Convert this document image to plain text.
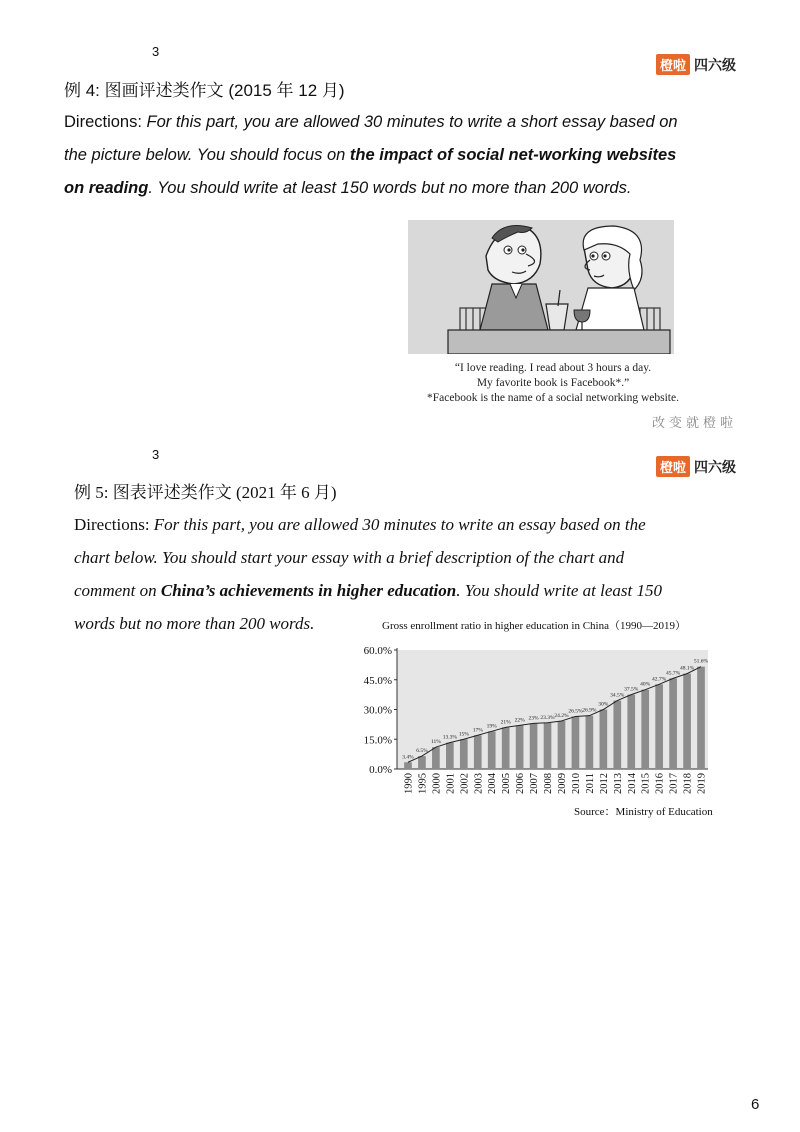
3
橙啦 四六级
例 4: 图画评述类作文 (2015 年 12 月)
Directions: For this part, you are allowed 30 minutes to write a short essay based on
the picture below. You should focus on the impact of social net-working websites
on reading. You should write at least 150 words but no more than 200 words.
“I love reading. I read about 3 hours a day.
My favorite book is Facebook*.”
*Facebook is the name of a social networking website.
改变就橙啦
3
橙啦 四六级
例 5: 图表评述类作文 (2021 年 6 月)
Directions: For this part, you are allowed 30 minutes to write an essay based on the
chart below. You should start your essay with a brief description of the chart and
comment on China’s achievements in higher education. You should write at least 150
words but no more than 200 words.	Gross enrollment ratio in higher education in China（1990—2019）
0.0%
15.0%
30.0%
45.0%
60.0%
3.4%
1990
6.5%
1995
11%
2000
13.3%
2001
15%
2002
17%
2003
19%
2004
21%
2005
22%
2006
23%
2007
23.3%
2008
24.2%
2009
26.5%
2010
26.9%
2011
30%
2012
34.5%
2013
37.5%
2014
40%
2015
42.7%
2016
45.7%
2017
48.1%
2018
51.6%
2019
Source：Ministry of Education
6
